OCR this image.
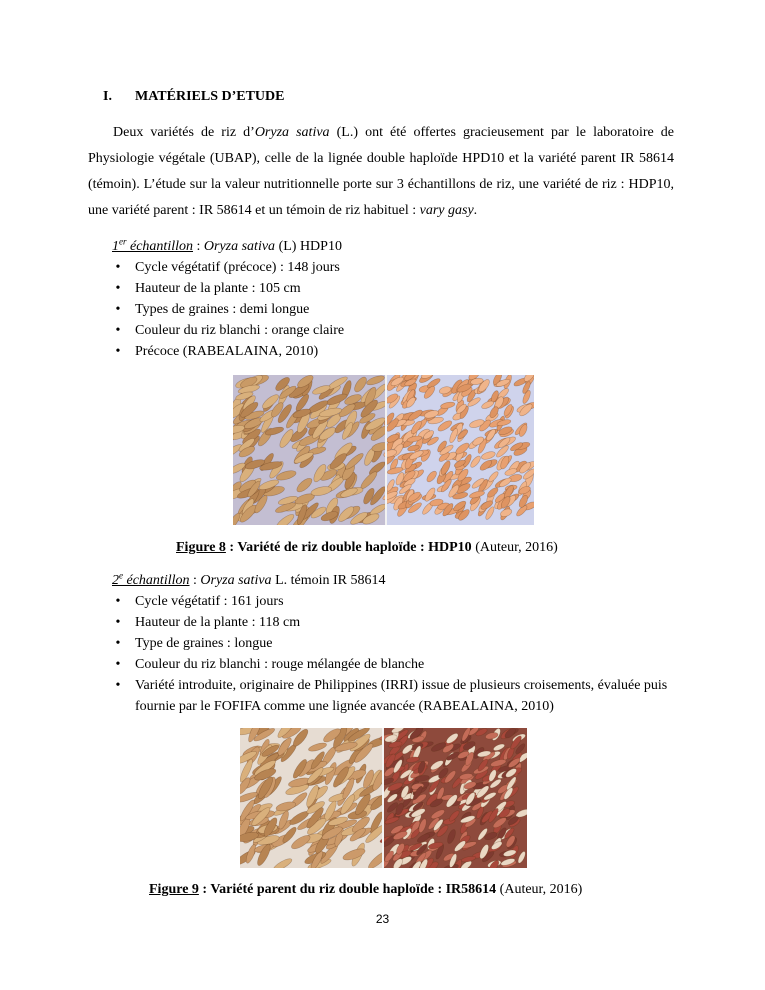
I. MATÉRIELS D’ETUDE
Deux variétés de riz d’Oryza sativa (L.) ont été offertes gracieusement par le laboratoire de Physiologie végétale (UBAP), celle de la lignée double haploïde HPD10 et la variété parent IR 58614 (témoin). L’étude sur la valeur nutritionnelle porte sur 3 échantillons de riz, une variété de riz : HDP10, une variété parent : IR 58614 et un témoin de riz habituel : vary gasy.
1er échantillon : Oryza sativa (L) HDP10
• Cycle végétatif (précoce) : 148 jours
• Hauteur de la plante : 105 cm
• Types de graines : demi longue
• Couleur du riz blanchi : orange claire
• Précoce (RABEALAINA, 2010)
Figure 8 : Variété de riz double haploïde : HDP10 (Auteur, 2016)
2e échantillon : Oryza sativa L. témoin IR 58614
• Cycle végétatif : 161 jours
• Hauteur de la plante : 118 cm
• Type de graines : longue
• Couleur du riz blanchi : rouge mélangée de blanche
• Variété introduite, originaire de Philippines (IRRI) issue de plusieurs croisements, évaluée puis fournie par le FOFIFA comme une lignée avancée (RABEALAINA, 2010)
Figure 9 : Variété parent du riz double haploïde : IR58614 (Auteur, 2016)
23
